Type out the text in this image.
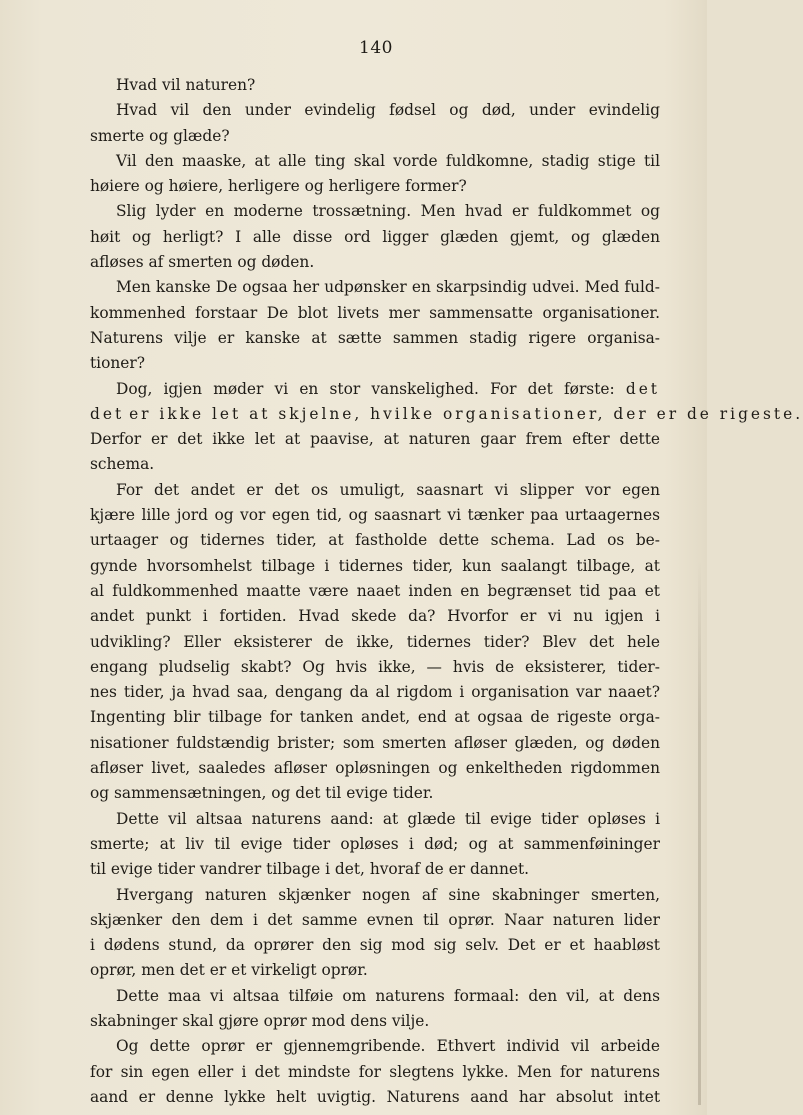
140
Hvad vil naturen?
Hvad vil den under evindelig fødsel og død, under evindelig
smerte og glæde?
Vil den maaske, at alle ting skal vorde fuldkomne, stadig stige til
høiere og høiere, herligere og herligere former?
Slig lyder en moderne trossætning. Men hvad er fuldkommet og
høit og herligt? I alle disse ord ligger glæden gjemt, og glæden
afløses af smerten og døden.
Men kanske De ogsaa her udpønsker en skarpsindig udvei. Med fuld-
kommenhed forstaar De blot livets mer sammensatte organisationer.
Naturens vilje er kanske at sætte sammen stadig rigere organisa-
tioner?
Dog, igjen møder vi en stor vanskelighed. For det første: det
det er ikke let at skjelne, hvilke organisationer, der er de rigeste.
Derfor er det ikke let at paavise, at naturen gaar frem efter dette
schema.
For det andet er det os umuligt, saasnart vi slipper vor egen
kjære lille jord og vor egen tid, og saasnart vi tænker paa urtaagernes
urtaager og tidernes tider, at fastholde dette schema. Lad os be-
gynde hvorsomhelst tilbage i tidernes tider, kun saalangt tilbage, at
al fuldkommenhed maatte være naaet inden en begrænset tid paa et
andet punkt i fortiden. Hvad skede da? Hvorfor er vi nu igjen i
udvikling? Eller eksisterer de ikke, tidernes tider? Blev det hele
engang pludselig skabt? Og hvis ikke, — hvis de eksisterer, tider-
nes tider, ja hvad saa, dengang da al rigdom i organisation var naaet?
Ingenting blir tilbage for tanken andet, end at ogsaa de rigeste orga-
nisationer fuldstændig brister; som smerten afløser glæden, og døden
afløser livet, saaledes afløser opløsningen og enkeltheden rigdommen
og sammensætningen, og det til evige tider.
Dette vil altsaa naturens aand: at glæde til evige tider opløses i
smerte; at liv til evige tider opløses i død; og at sammenføininger
til evige tider vandrer tilbage i det, hvoraf de er dannet.
Hvergang naturen skjænker nogen af sine skabninger smerten,
skjænker den dem i det samme evnen til oprør. Naar naturen lider
i dødens stund, da oprører den sig mod sig selv. Det er et haabløst
oprør, men det er et virkeligt oprør.
Dette maa vi altsaa tilføie om naturens formaal: den vil, at dens
skabninger skal gjøre oprør mod dens vilje.
Og dette oprør er gjennemgribende. Ethvert individ vil arbeide
for sin egen eller i det mindste for slegtens lykke. Men for naturens
aand er denne lykke helt uvigtig. Naturens aand har absolut intet
